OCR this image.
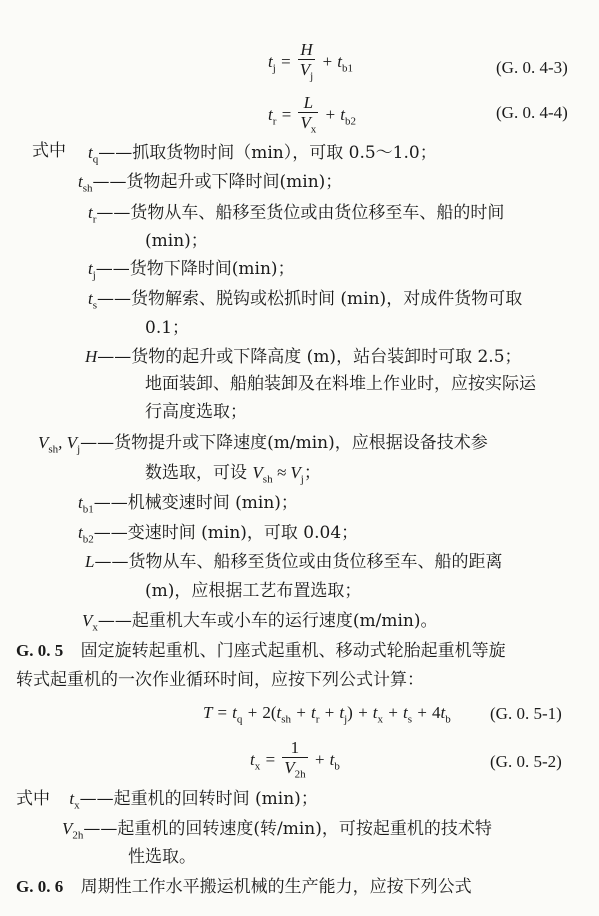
$t_j = \frac{H}{V_j} + t_{b1}$	(G. 0. 4-3)
$t_r = \frac{L}{V_x} + t_{b2}$	(G. 0. 4-4)
式中 $t_q——$抓取货物时间（min），可取 0.5～1.0；
$t_{sh}——$货物起升或下降时间(min)；
$t_r——$货物从车、船移至货位或由货位移至车、船的时间
(min)；
$t_j——$货物下降时间(min)；
$t_s——$货物解索、脱钩或松抓时间 (min)，对成件货物可取
0.1；
H——货物的起升或下降高度 (m)，站台装卸时可取 2.5；
地面装卸、船舶装卸及在料堆上作业时，应按实际运
行高度选取；
$V_{sh}$, $V_j——$货物提升或下降速度(m/min)，应根据设备技术参
数选取，可设 $V_{sh} \approx V_j$；
$t_{b1}——$机械变速时间 (min)；
$t_{b2}——$变速时间 (min)，可取 0.04；
L——货物从车、船移至货位或由货位移至车、船的距离
(m)，应根据工艺布置选取；
$V_x——$起重机大车或小车的运行速度(m/min)。
G. 0. 5 固定旋转起重机、门座式起重机、移动式轮胎起重机等旋
转式起重机的一次作业循环时间，应按下列公式计算：
$T = t_q + 2(t_{sh} + t_r + t_j) + t_x + t_s + 4t_b$ (G. 0. 5-1)
$t_x = \frac{1}{V_{2h}} + t_b$	(G. 0. 5-2)
式中 $t_x——$起重机的回转时间 (min)；
$V_{2h}——$起重机的回转速度(转/min)，可按起重机的技术特
性选取。
G. 0. 6 周期性工作水平搬运机械的生产能力，应按下列公式
